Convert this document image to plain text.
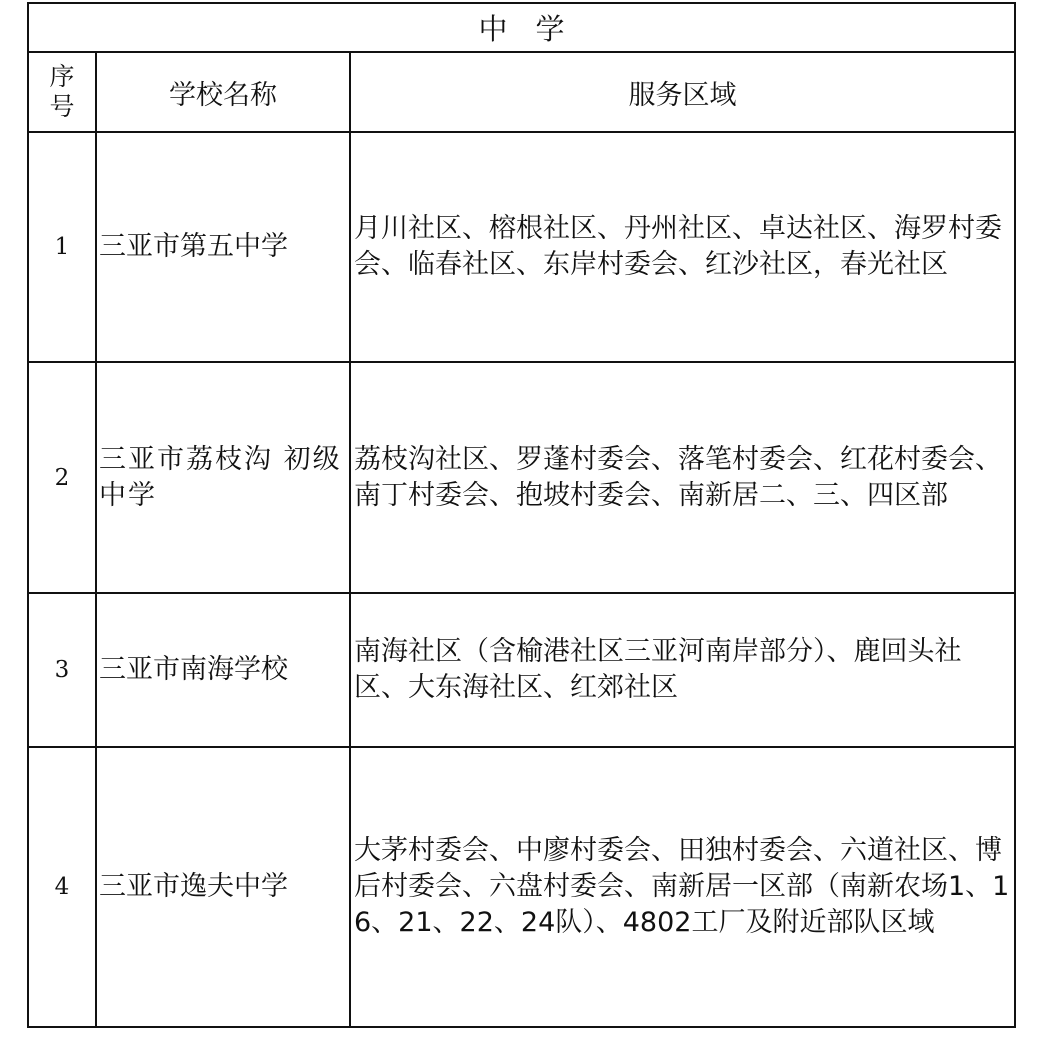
中学		

序号	学校名称	服务区域
1	三亚市第五中学	月川社区、榕根社区、丹州社区、卓达社区、海罗村委会、临春社区、东岸村委会、红沙社区，春光社区
2	三亚市荔枝沟 初级中学	荔枝沟社区、罗蓬村委会、落笔村委会、红花村委会、南丁村委会、抱坡村委会、南新居二、三、四区部
3	三亚市南海学校	南海社区（含榆港社区三亚河南岸部分）、鹿回头社区、大东海社区、红郊社区
4	三亚市逸夫中学	大茅村委会、中廖村委会、田独村委会、六道社区、博后村委会、六盘村委会、南新居一区部（南新农场1、16、21、22、24队）、4802工厂及附近部队区域
